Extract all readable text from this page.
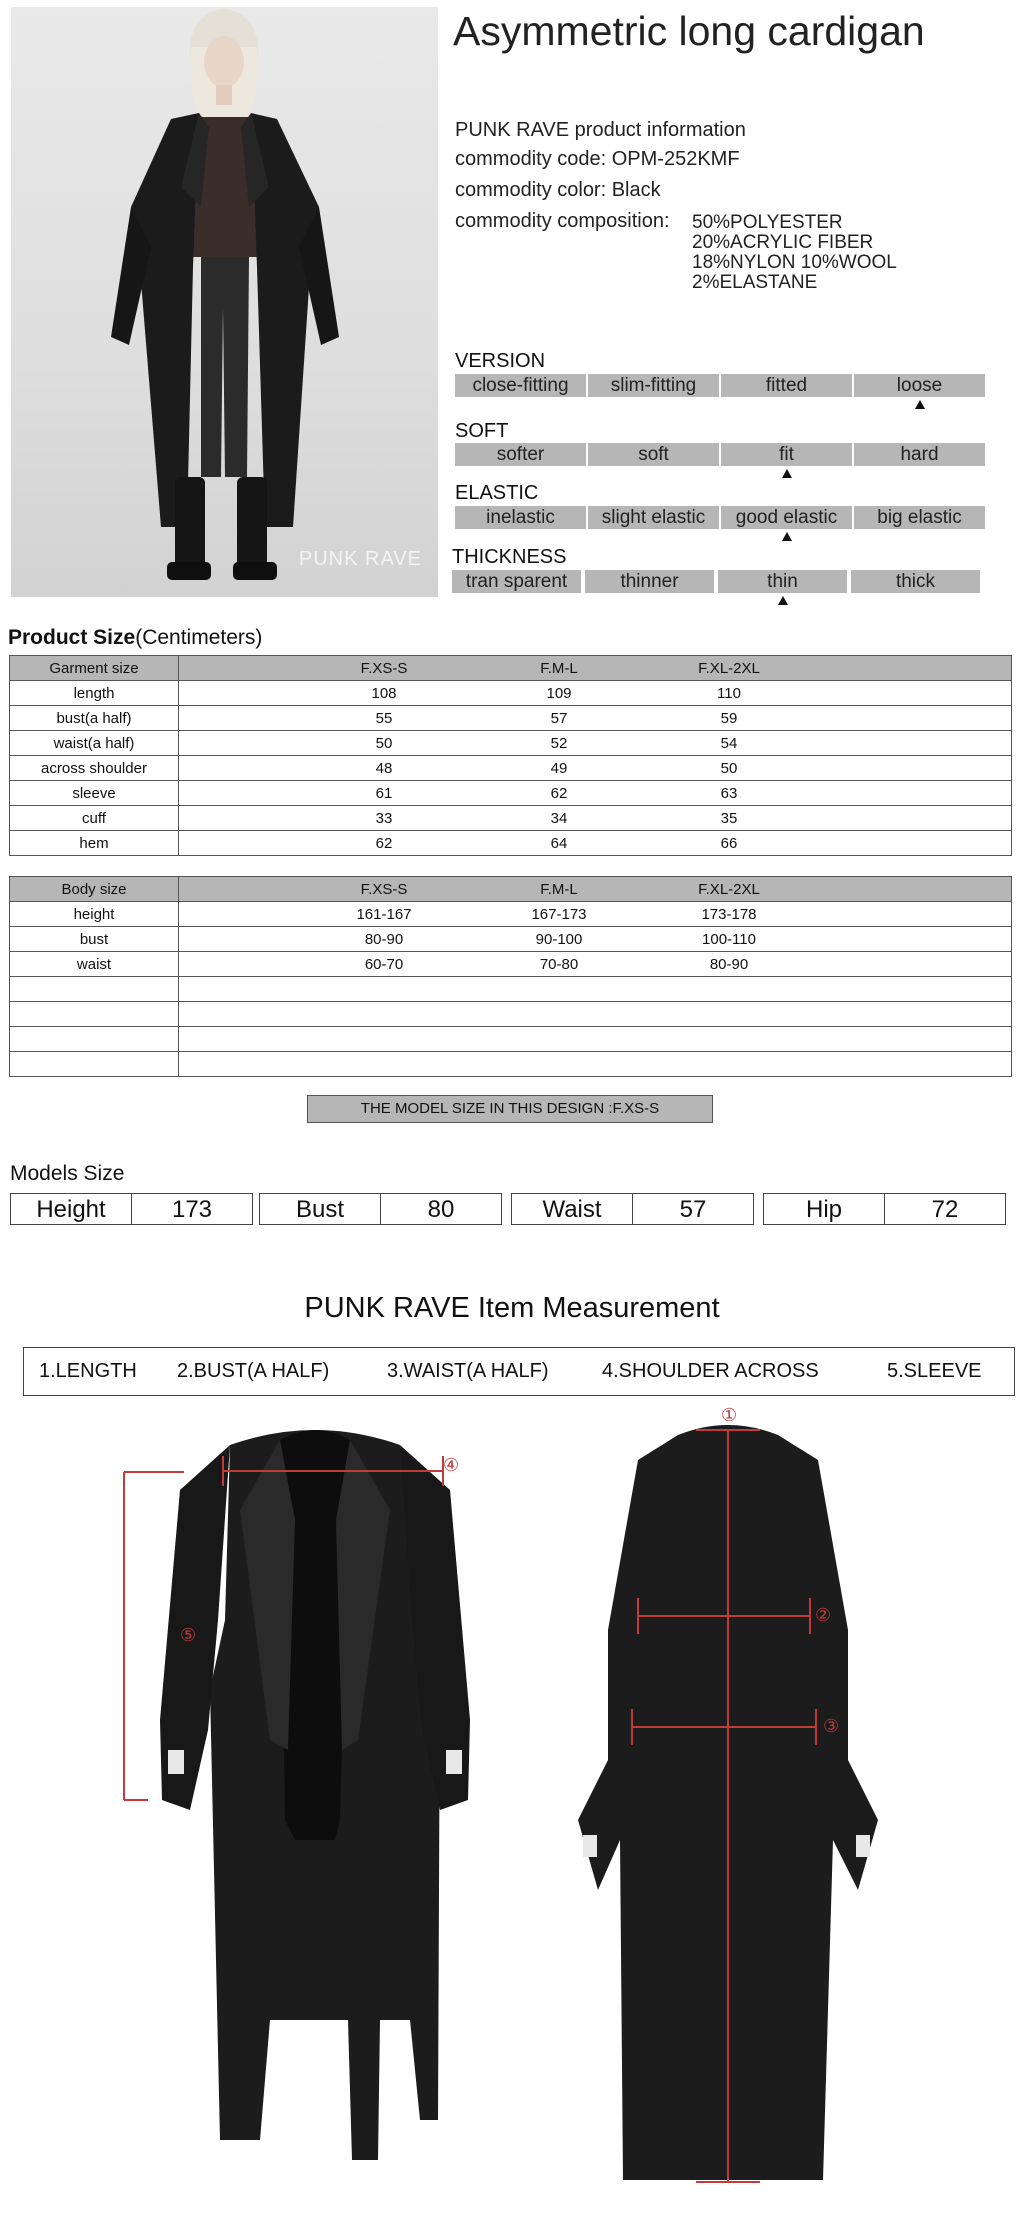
PUNK RAVE
Asymmetric long cardigan
PUNK RAVE product information
commodity code: OPM-252KMF
commodity color: Black
commodity composition: 50%POLYESTER
20%ACRYLIC FIBER
18%NYLON 10%WOOL
2%ELASTANE
VERSION
close-fitting	slim-fitting	fitted	loose
SOFT
softer	soft	fit	hard
ELASTIC
inelastic	slight elastic	good elastic	big elastic
THICKNESS
tran sparent	thinner	thin	thick
Product Size(Centimeters)
Garment size	F.XS-S F.M-L F.XL-2XL

length	108 109 110

bust(a half)	55 57 59

waist(a half)	50 52 54

across shoulder	48 49 50

sleeve	61 62 63

cuff	33 34 35

hem	62 64 66
Body size	F.XS-S F.M-L F.XL-2XL

height	161-167 167-173 173-178

bust	80-90 90-100 100-110

waist	60-70 70-80 80-90

THE MODEL SIZE IN THIS DESIGN :F.XS-S
Models Size
Height	173	Bust	80	Waist	57	Hip	72
PUNK RAVE Item Measurement
1.LENGTH 2.BUST(A HALF)	3.WAIST(A HALF)	4.SHOULDER ACROSS	5.SLEEVE
④
⑤
①
②
③
